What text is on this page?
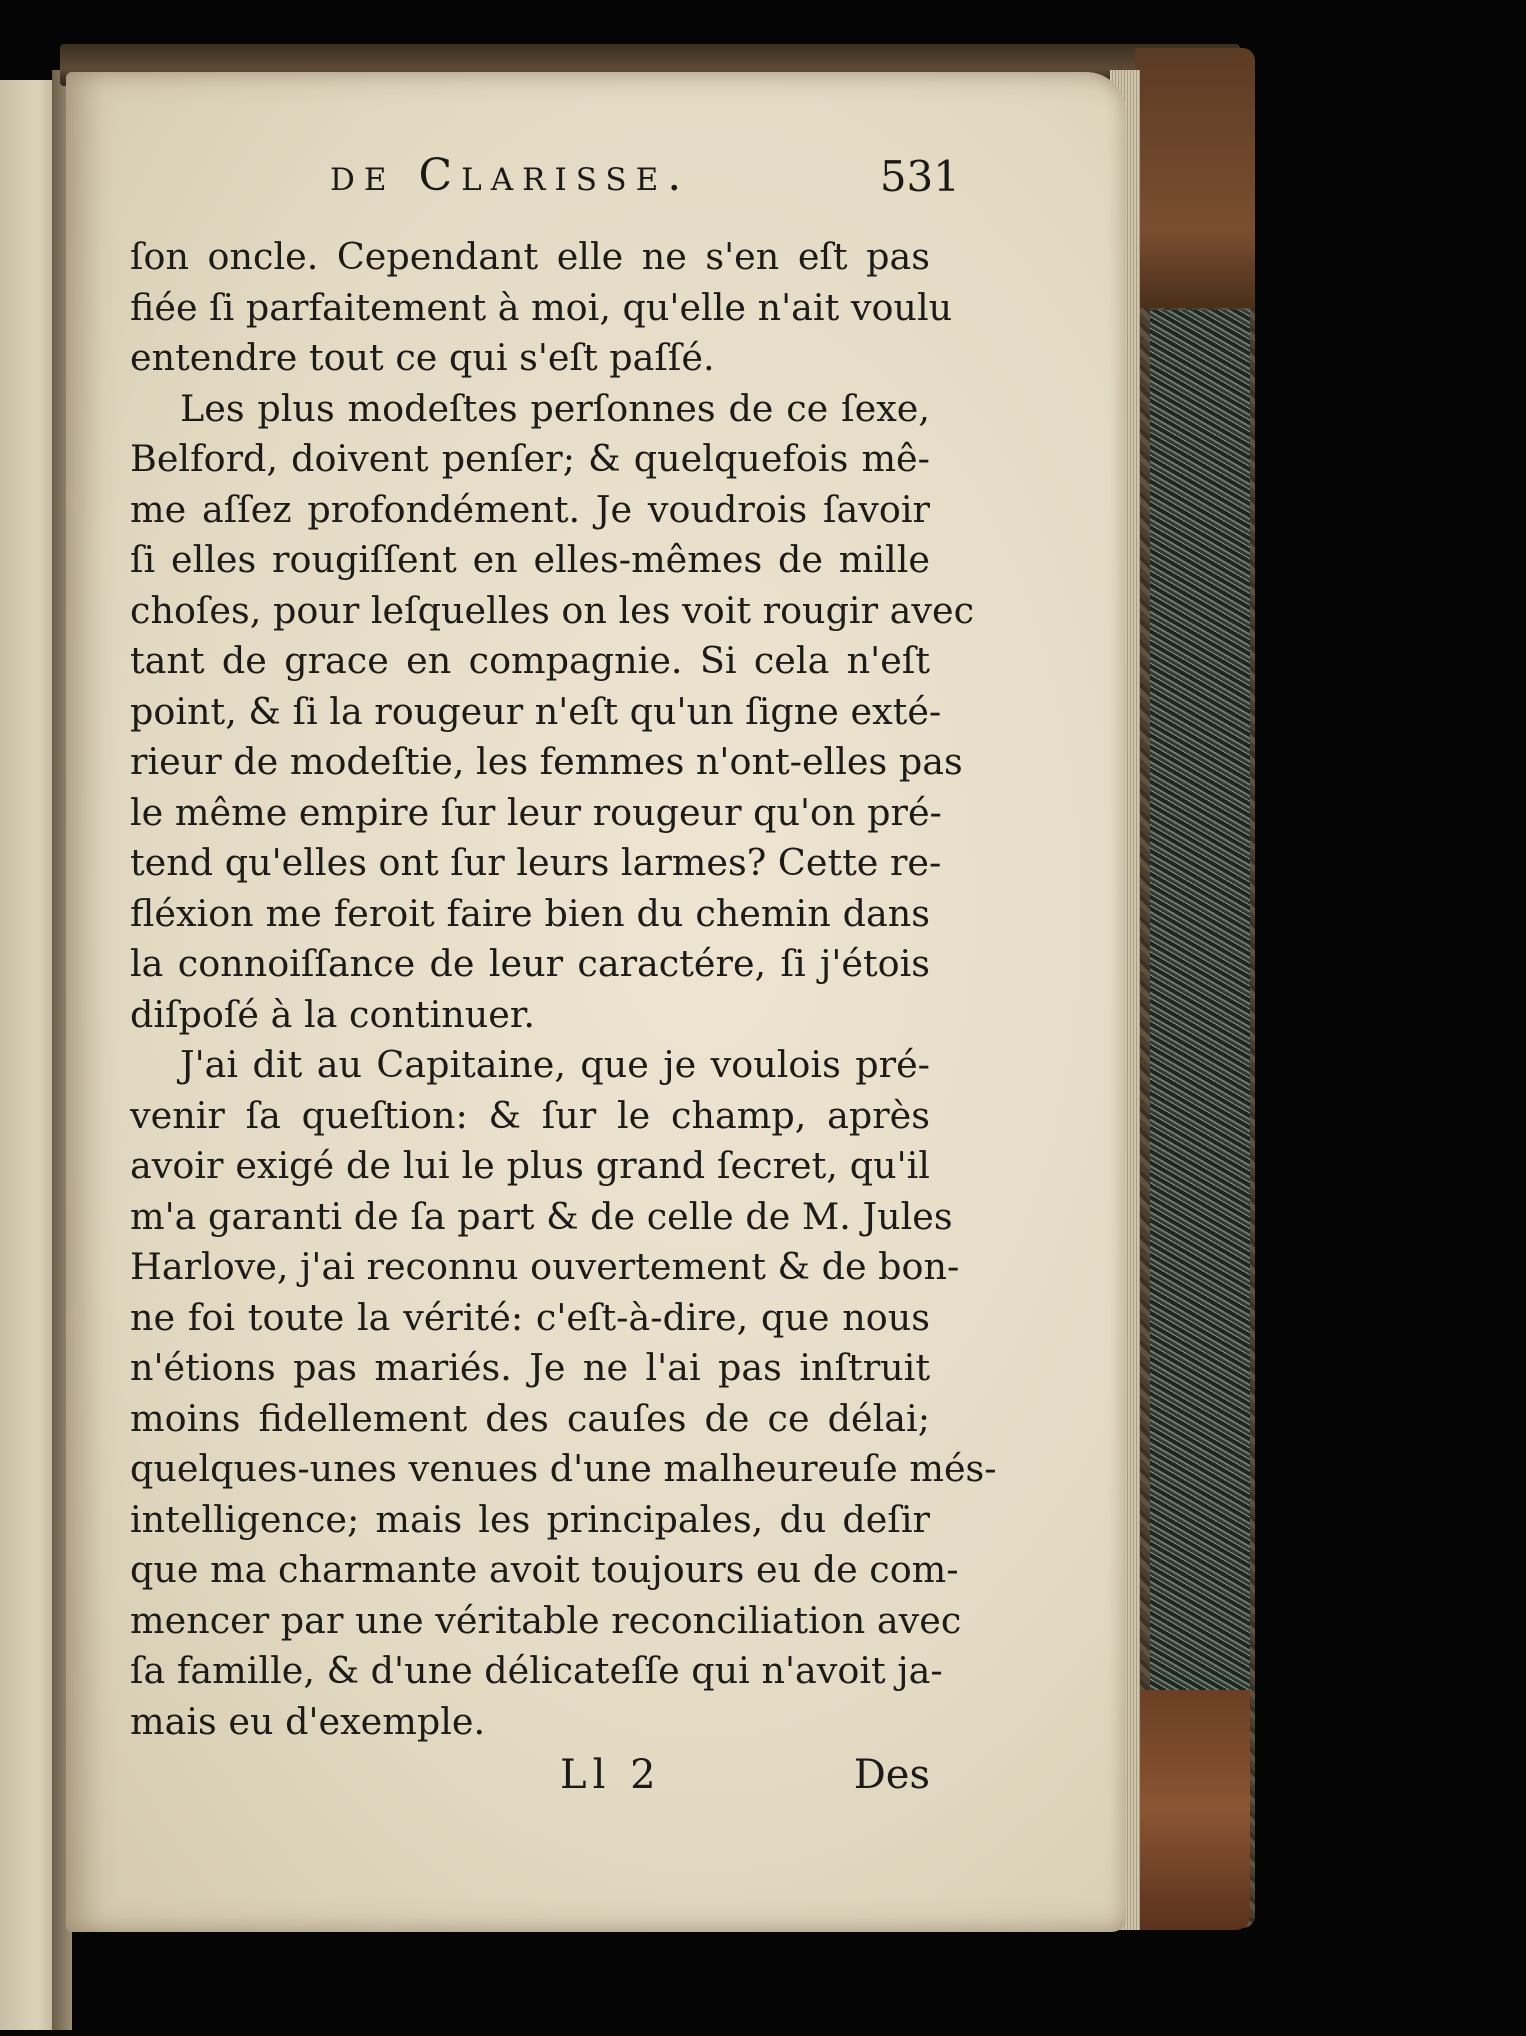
de Clarisse.	531
ſon oncle. Cependant elle ne s'en eſt pas
fiée ſi parfaitement à moi, qu'elle n'ait voulu
entendre tout ce qui s'eſt paſſé.
Les plus modeſtes perſonnes de ce ſexe,
Belford, doivent penſer; & quelquefois mê-
me aſſez profondément. Je voudrois ſavoir
ſi elles rougiſſent en elles-mêmes de mille
choſes, pour leſquelles on les voit rougir avec
tant de grace en compagnie. Si cela n'eſt
point, & ſi la rougeur n'eſt qu'un ſigne exté-
rieur de modeſtie, les femmes n'ont-elles pas
le même empire ſur leur rougeur qu'on pré-
tend qu'elles ont ſur leurs larmes? Cette re-
fléxion me feroit faire bien du chemin dans
la connoiſſance de leur caractére, ſi j'étois
diſpoſé à la continuer.
J'ai dit au Capitaine, que je voulois pré-
venir ſa queſtion: & ſur le champ, après
avoir exigé de lui le plus grand ſecret, qu'il
m'a garanti de ſa part & de celle de M. Jules
Harlove, j'ai reconnu ouvertement & de bon-
ne foi toute la vérité: c'eſt-à-dire, que nous
n'étions pas mariés. Je ne l'ai pas inſtruit
moins fidellement des cauſes de ce délai;
quelques-unes venues d'une malheureuſe més-
intelligence; mais les principales, du deſir
que ma charmante avoit toujours eu de com-
mencer par une véritable reconciliation avec
ſa famille, & d'une délicateſſe qui n'avoit ja-
mais eu d'exemple.
Ll 2	Des
